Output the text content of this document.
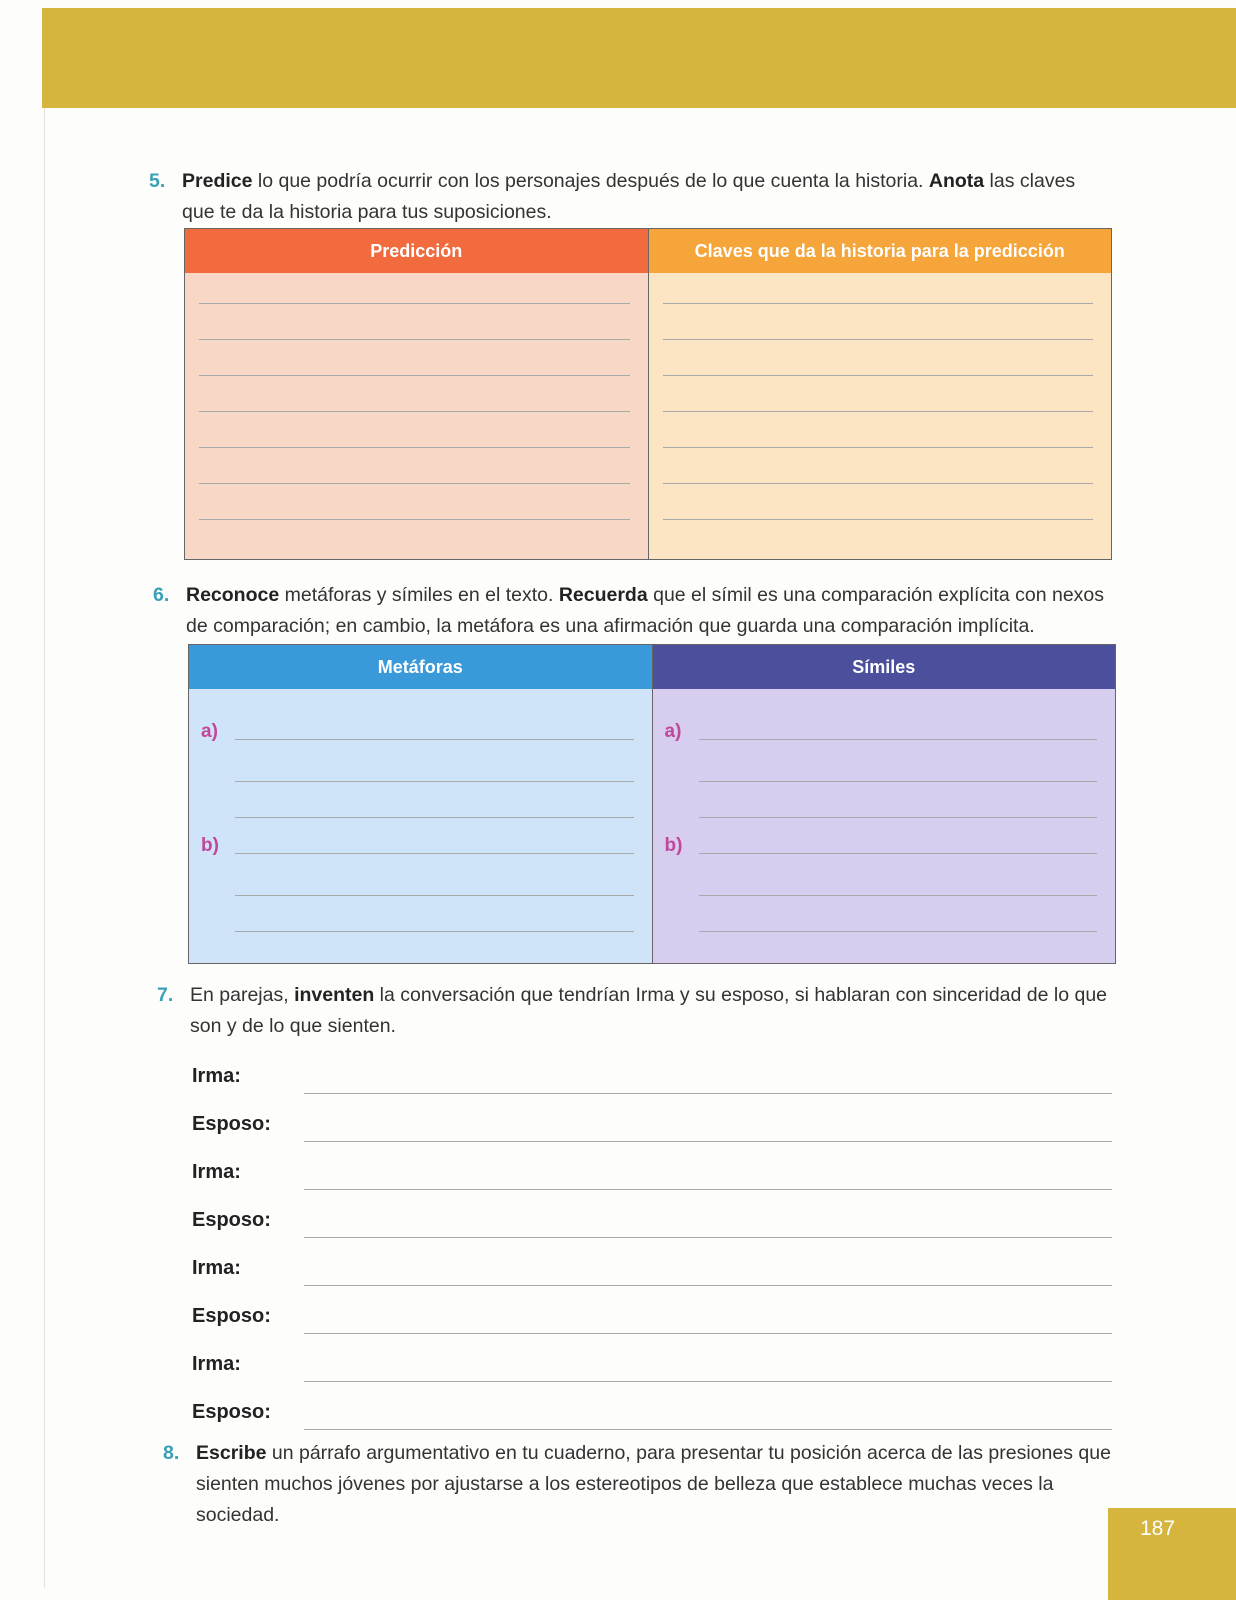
5. Predice lo que podría ocurrir con los personajes después de lo que cuenta la historia. Anota las claves que te da la historia para tus suposiciones.
Predicción	Claves que da la historia para la predicción
6. Reconoce metáforas y símiles en el texto. Recuerda que el símil es una comparación explícita con nexos de comparación; en cambio, la metáfora es una afirmación que guarda una comparación implícita.
Metáforas
a)
b)
Símiles
a)
b)
7. En parejas, inventen la conversación que tendrían Irma y su esposo, si hablaran con sinceridad de lo que son y de lo que sienten.
Irma:
Esposo:
Irma:
Esposo:
Irma:
Esposo:
Irma:
Esposo:
8. Escribe un párrafo argumentativo en tu cuaderno, para presentar tu posición acerca de las presiones que sienten muchos jóvenes por ajustarse a los estereotipos de belleza que establece muchas veces la sociedad.
187
